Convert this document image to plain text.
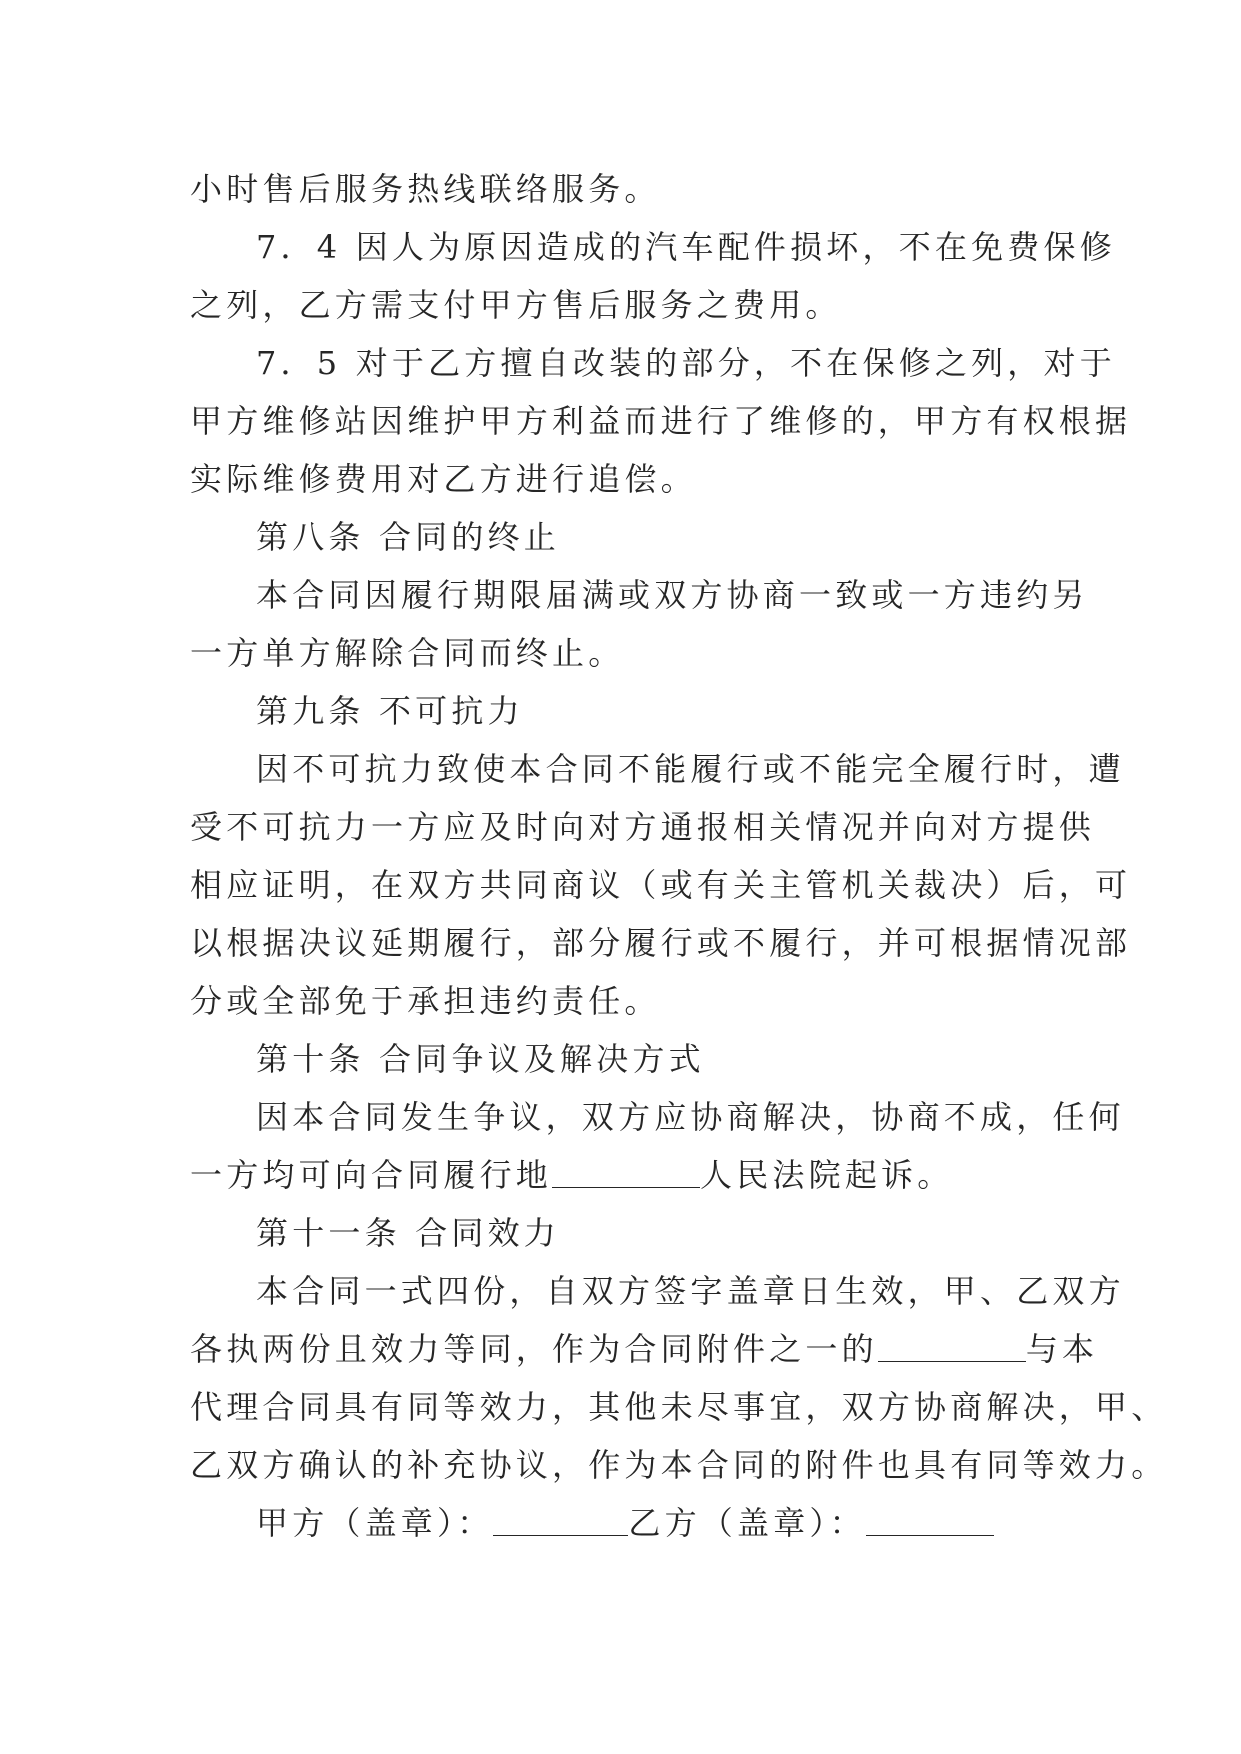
小时售后服务热线联络服务。
7．4 因人为原因造成的汽车配件损坏，不在免费保修
之列，乙方需支付甲方售后服务之费用。
7．5 对于乙方擅自改装的部分，不在保修之列，对于
甲方维修站因维护甲方利益而进行了维修的，甲方有权根据
实际维修费用对乙方进行追偿。
第八条 合同的终止
本合同因履行期限届满或双方协商一致或一方违约另
一方单方解除合同而终止。
第九条 不可抗力
因不可抗力致使本合同不能履行或不能完全履行时，遭
受不可抗力一方应及时向对方通报相关情况并向对方提供
相应证明，在双方共同商议（或有关主管机关裁决）后，可
以根据决议延期履行，部分履行或不履行，并可根据情况部
分或全部免于承担违约责任。
第十条 合同争议及解决方式
因本合同发生争议，双方应协商解决，协商不成，任何
一方均可向合同履行地	人民法院起诉。
第十一条 合同效力
本合同一式四份，自双方签字盖章日生效，甲、乙双方
各执两份且效力等同，作为合同附件之一的	与本
代理合同具有同等效力，其他未尽事宜，双方协商解决，甲、
乙双方确认的补充协议，作为本合同的附件也具有同等效力。
甲方（盖章）：	乙方（盖章）：
